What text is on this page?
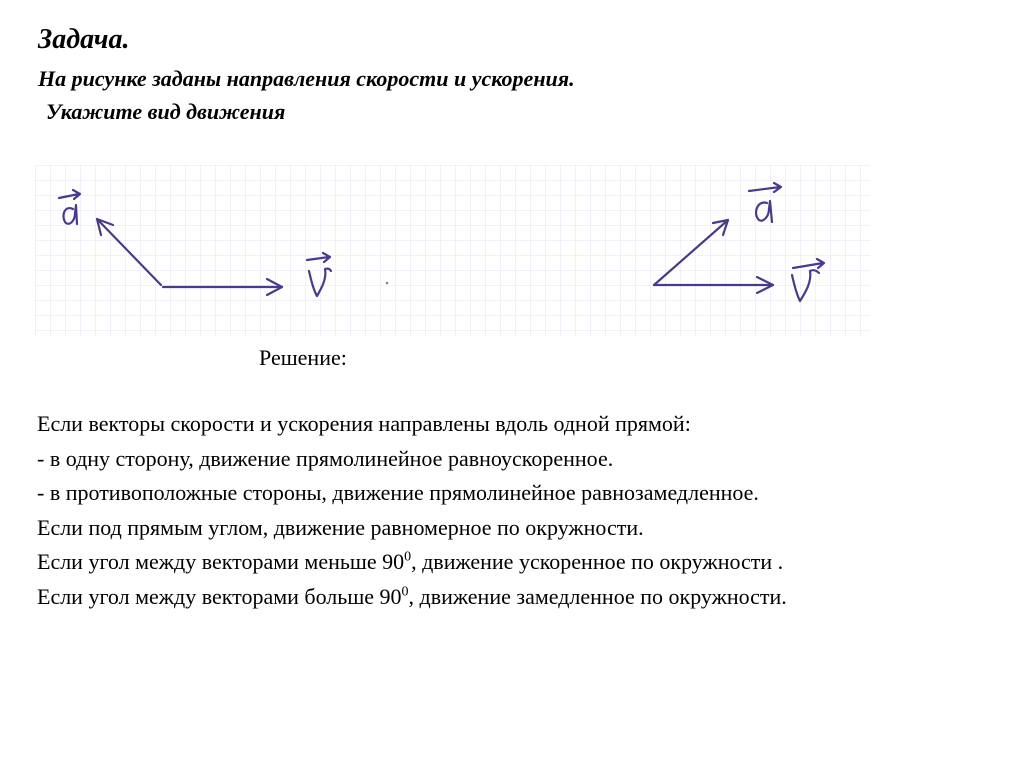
Задача.

На рисунке заданы направления скорости и ускорения.

Укажите вид движения

Решение:

Если векторы скорости и ускорения направлены вдоль одной прямой:
- в одну сторону, движение прямолинейное равноускоренное.
- в противоположные стороны, движение прямолинейное равнозамедленное.
Если под прямым углом, движение равномерное по окружности.
Если угол между векторами меньше $90^0$, движение ускоренное по окружности .
Если угол между векторами больше $90^0$, движение замедленное по окружности.
